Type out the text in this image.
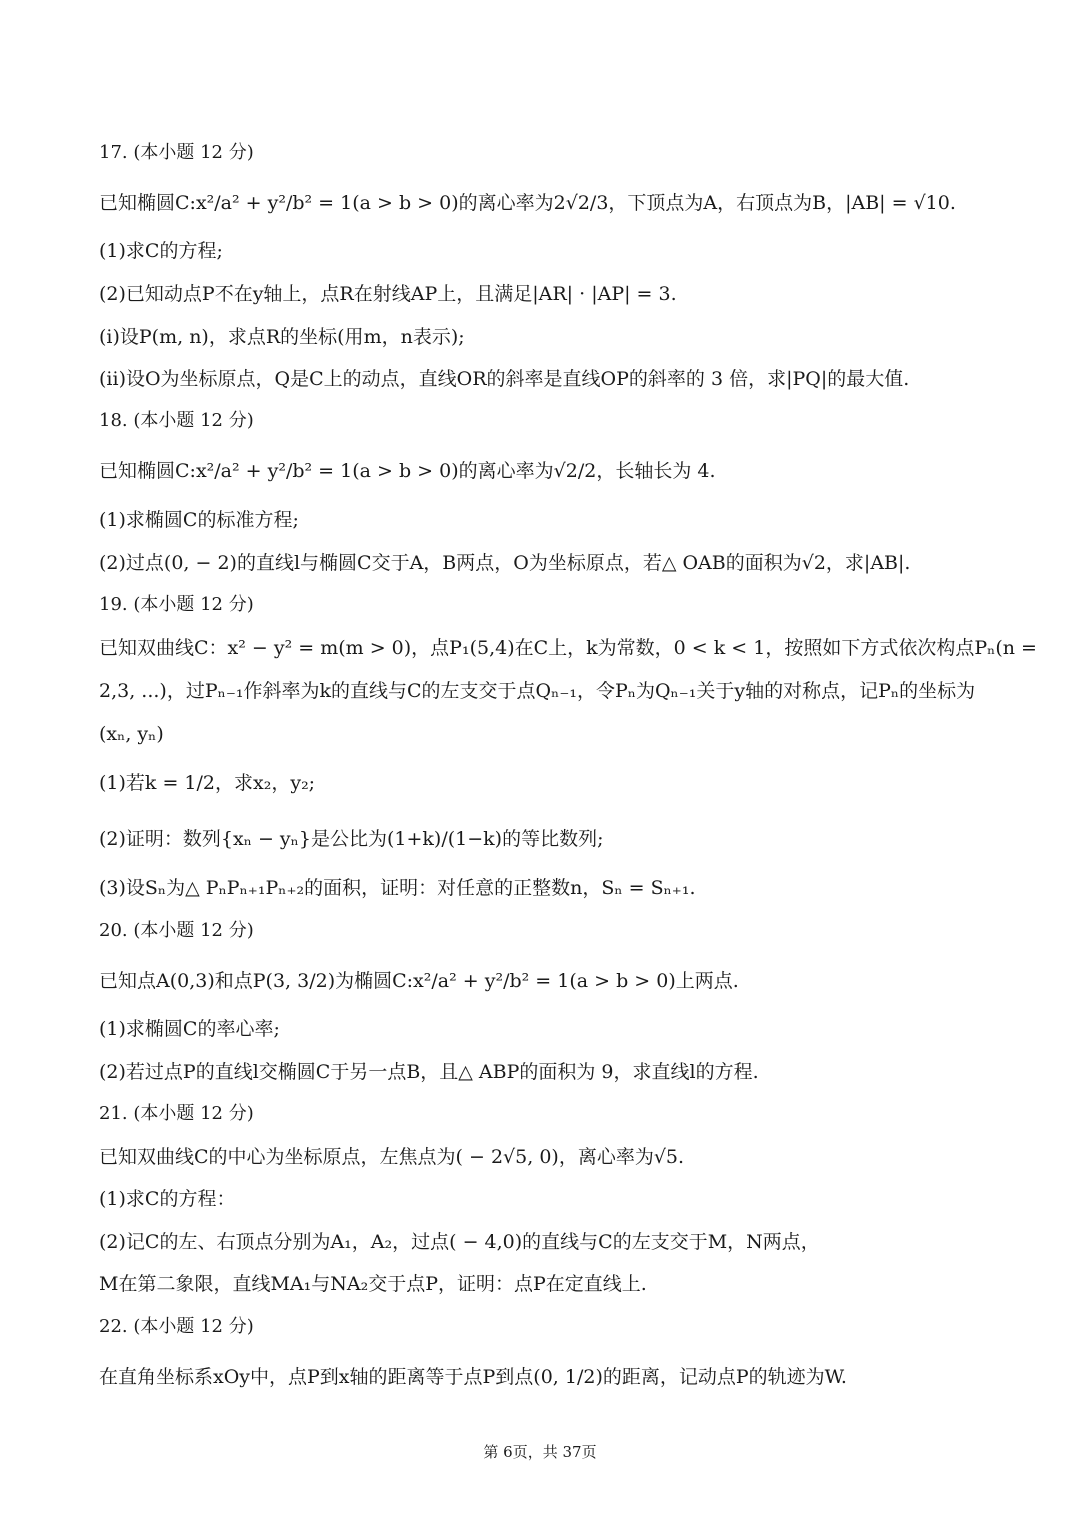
17. (本小题 12 分)
已知椭圆C:x²/a² + y²/b² = 1(a > b > 0)的离心率为2√2/3，下顶点为A，右顶点为B，|AB| = √10.
(1)求C的方程;
(2)已知动点P不在y轴上，点R在射线AP上，且满足|AR| · |AP| = 3.
(i)设P(m, n)，求点R的坐标(用m，n表示);
(ii)设O为坐标原点，Q是C上的动点，直线OR的斜率是直线OP的斜率的 3 倍，求|PQ|的最大值.
18. (本小题 12 分)
已知椭圆C:x²/a² + y²/b² = 1(a > b > 0)的离心率为√2/2，长轴长为 4.
(1)求椭圆C的标准方程;
(2)过点(0, − 2)的直线l与椭圆C交于A，B两点，O为坐标原点，若△ OAB的面积为√2，求|AB|.
19. (本小题 12 分)
已知双曲线C：x² − y² = m(m > 0)，点P₁(5,4)在C上，k为常数，0 < k < 1，按照如下方式依次构点Pₙ(n =
2,3, ...)，过Pₙ₋₁作斜率为k的直线与C的左支交于点Qₙ₋₁，令Pₙ为Qₙ₋₁关于y轴的对称点，记Pₙ的坐标为
(xₙ, yₙ)
(1)若k = 1/2，求x₂，y₂;
(2)证明：数列{xₙ − yₙ}是公比为(1+k)/(1−k)的等比数列;
(3)设Sₙ为△ PₙPₙ₊₁Pₙ₊₂的面积，证明：对任意的正整数n，Sₙ = Sₙ₊₁.
20. (本小题 12 分)
已知点A(0,3)和点P(3, 3/2)为椭圆C:x²/a² + y²/b² = 1(a > b > 0)上两点.
(1)求椭圆C的率心率;
(2)若过点P的直线l交椭圆C于另一点B，且△ ABP的面积为 9，求直线l的方程.
21. (本小题 12 分)
已知双曲线C的中心为坐标原点，左焦点为( − 2√5, 0)，离心率为√5.
(1)求C的方程：
(2)记C的左、右顶点分别为A₁，A₂，过点( − 4,0)的直线与C的左支交于M，N两点，
M在第二象限，直线MA₁与NA₂交于点P，证明：点P在定直线上.
22. (本小题 12 分)
在直角坐标系xOy中，点P到x轴的距离等于点P到点(0, 1/2)的距离，记动点P的轨迹为W.
第 6页，共 37页
